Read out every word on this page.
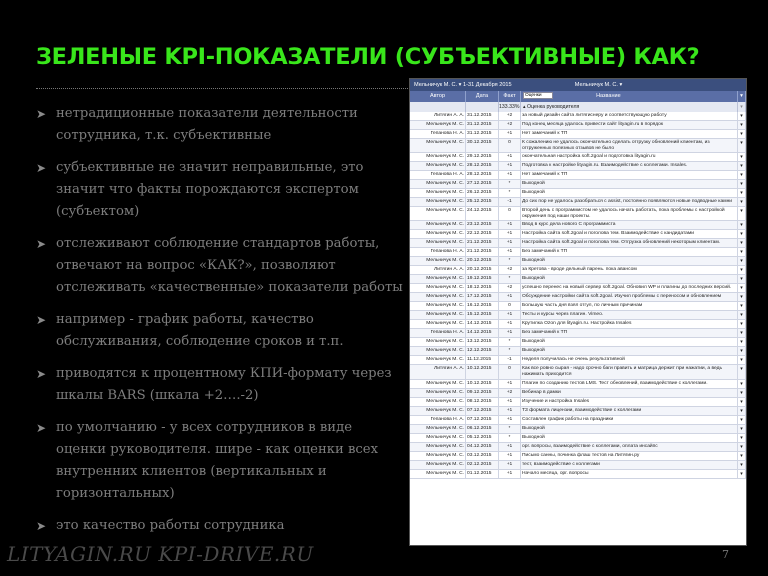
ЗЕЛЕНЫЕ KPI-ПОКАЗАТЕЛИ (СУБЪЕКТИВНЫЕ) КАК?
➤ нетрадиционные показатели деятельности сотрудника, т.к. субъективные
➤ субъективные не значит неправильные, это значит что факты порождаются экспертом (субъектом)
➤ отслеживают соблюдение стандартов работы, отвечают на вопрос «КАК?», позволяют отслеживать «качественные» показатели работы
➤ например - график работы, качество обслуживания, соблюдение сроков и т.п.
➤ приводятся к процентному КПИ-формату через шкалы BARS (шкала +2….-2)
➤ по умолчанию - у всех сотрудников в виде оценки руководителя. шире - как оценки всех внутренних клиентов (вертикальных и горизонтальных)
➤ это качество работы сотрудника
Мельничук М. С. ▾ 1-31 Декабря 2015	Мельничук М. С. ▾
Автор	Дата	Факт	Оценки	Название	▾
133.33% ▴ Оценка руководителя	▾
Литягин А. А. 31.12.2015	+2	за новый дизайн сайта литягиснеру и соответствующую работу	▾
Мельничук М. С. 31.12.2015	+2	Под конец месяца удалось привести сайт lityagin.ru в порядок	▾
Гепанова Н. А. 31.12.2015	+1	Нет замечаний к ТП	▾
Мельничук М. С. 30.12.2015	0	К сожалению не удалось окончательно сделать отгрузку обновлений клиентам, из отгруженных полезных отзывов не было
▾
Мельничук М. С. 29.12.2015	+1	окончательная настройка soft.2goal и подготовка lityagin.ru	▾
Мельничук М. С. 28.12.2015	+1	Подготовка к настройке lityagin.ru. Взаимодействие с коллегами. Insales.	▾
Гепанова Н. А. 28.12.2015	+1	Нет замечаний к ТП	▾
Мельничук М. С. 27.12.2015	*	Выходной	▾
Мельничук М. С. 26.12.2015	*	Выходной	▾
Мельничук М. С. 25.12.2015	-1	До сих пор не удалось разобраться с assist, постоянно появляются новые подводные камни	▾
Мельничук М. С. 24.12.2015	0	Второй день с программистом не удалось начать работать, пока проблемы с настройкой окружения под наши проекты.
▾
Мельничук М. С. 23.12.2015	+1	Ввод в курс дела нового С программиста	▾
Мельничук М. С. 22.12.2015	+1	Настройка сайта soft.2goal и поголова тем. Взаимодействие с кандидатами	▾
Мельничук М. С. 21.12.2015	+1	Настройка сайта soft.2goal и поголова тем. Отгрузка обновлений некоторым клиентам.	▾
Гепанова Н. А. 21.12.2015	+1	Без замечаний к ТП	▾
Мельничук М. С. 20.12.2015	*	Выходной	▾
Литягин А. А. 20.12.2015	+2	за Кретова - вроде дельный парень. пока авансом	▾
Мельничук М. С. 19.12.2015	*	Выходной	▾
Мельничук М. С. 18.12.2015	+2	успешно перенес на новый сервер soft.2goal. Обновил WP и плагины до последних версий.	▾
Мельничук М. С. 17.12.2015	+1	Обсуждение настройки сайта soft.2goal. Изучил проблемы с переносом и обновлением	▾
Мельничук М. С. 16.12.2015	0	Большую часть дня взял отгул, по личным причинам	▾
Мельничук М. С. 15.12.2015	+1	Тесты и курсы через плагин. Vimeo.	▾
Мельничук М. С. 14.12.2015	+1	Крутилка Ozon для lityagin.ru. Настройка Insales	▾
Гепанова Н. А. 14.12.2015	+1	Без замечаний к ТП	▾
Мельничук М. С. 13.12.2015	*	Выходной	▾
Мельничук М. С. 12.12.2015	*	Выходной	▾
Мельничук М. С. 11.12.2015	-1	Неделя получилась не очень результативной	▾
Литягин А. А. 10.12.2015	0	Как все ровно сырая - надо срочно баги править и матрица держит при нажатии, а ведь нажимать приходится
▾
Мельничук М. С. 10.12.2015	+1	Плагин по созданию тестов LMS. Тест обновлений, взаимодействие с коллегами.	▾
Мельничук М. С. 09.12.2015	+2	Вебинар в дамки	▾
Мельничук М. С. 08.12.2015	+1	Изучение и настройка Insales	▾
Мельничук М. С. 07.12.2015	+1	ТЗ формата лицензии, взаимодействие с коллегами	▾
Гепанова Н. А. 07.12.2015	+1	Составлен график работы на праздники	▾
Мельничук М. С. 06.12.2015	*	Выходной	▾
Мельничук М. С. 05.12.2015	*	Выходной	▾
Мельничук М. С. 04.12.2015	+1	орг. вопросы, взаимодействие с коллегами, оплата инсайпс	▾
Мельничук М. С. 03.12.2015	+1	Письмо санны, починка флаш тестов на Литягин.ру	▾
Мельничук М. С. 02.12.2015	+1	тест, взаимодействие с коллегами	▾
Мельничук М. С. 01.12.2015	+1	Начало месяца, орг. вопросы	▾
LITYAGIN.RU KPI-DRIVE.RU	7
